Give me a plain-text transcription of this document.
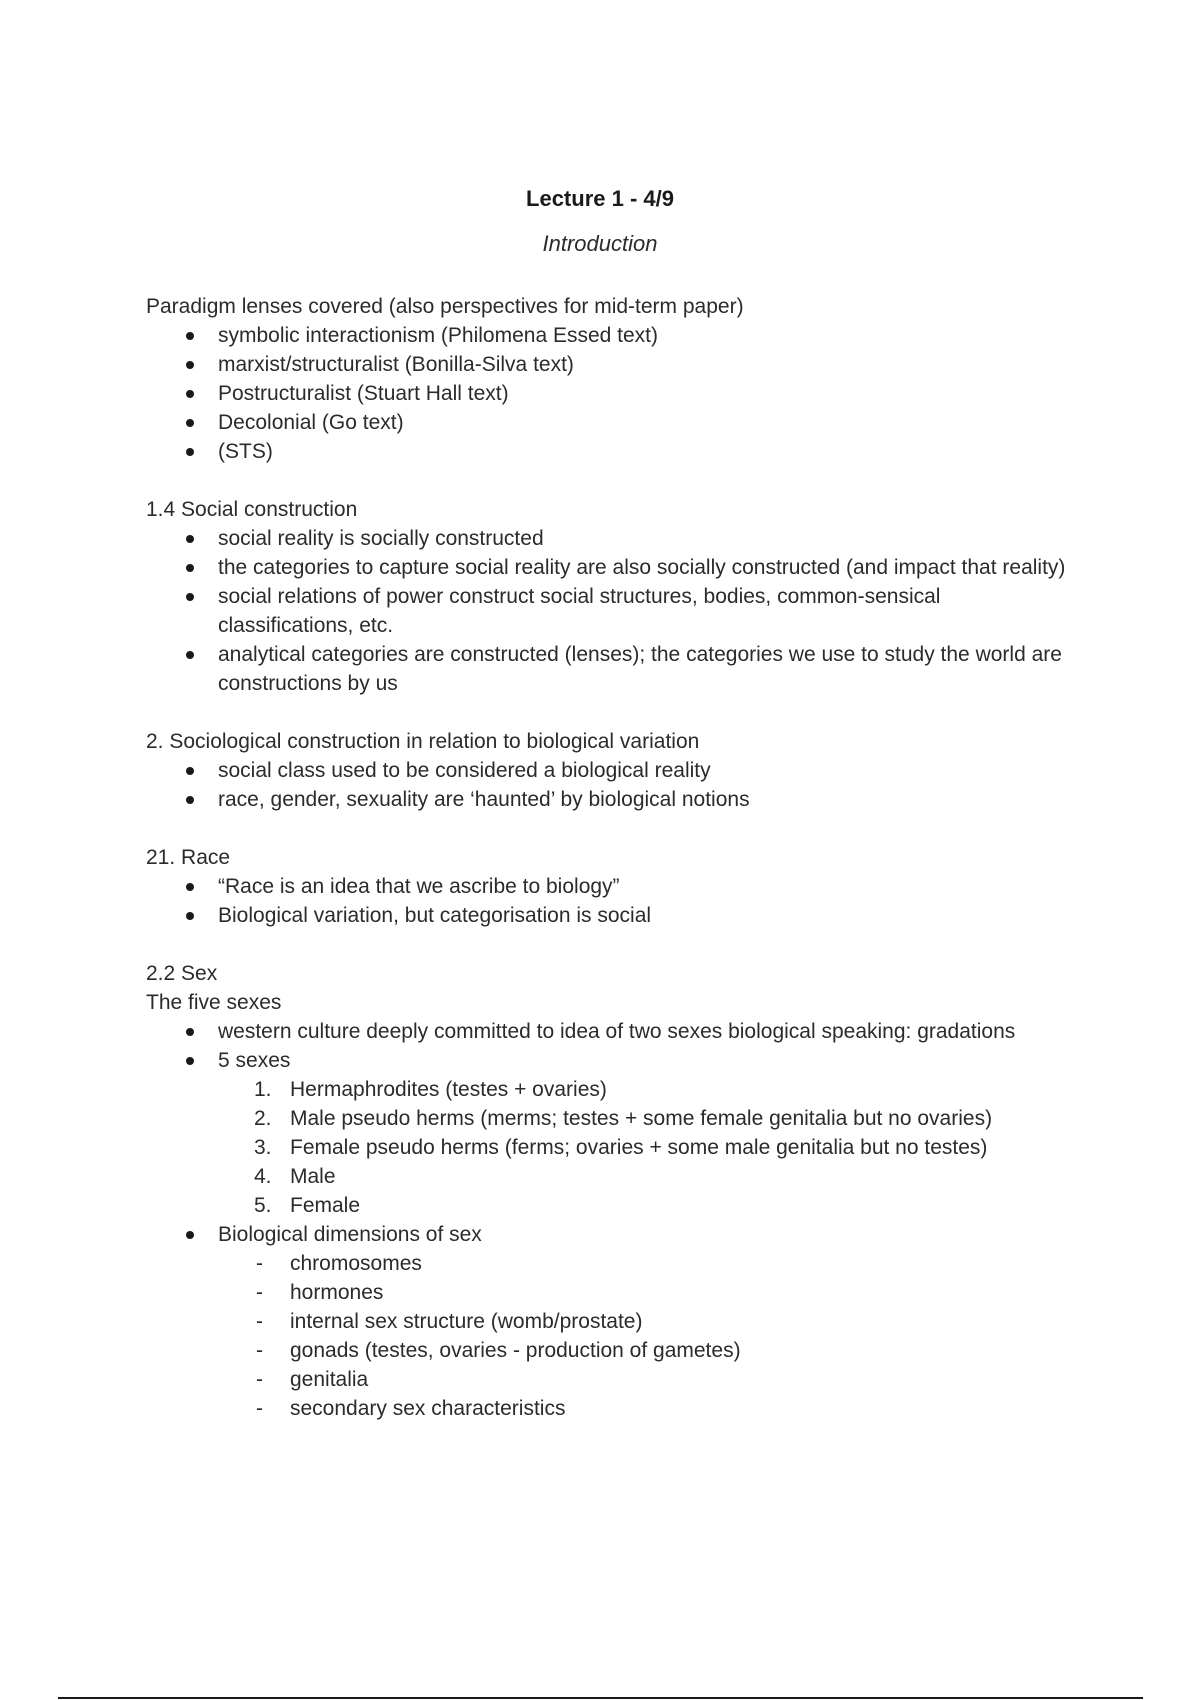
Lecture 1 - 4/9
Introduction

Paradigm lenses covered (also perspectives for mid-term paper)

symbolic interactionism (Philomena Essed text)
marxist/structuralist (Bonilla-Silva text)
Postructuralist (Stuart Hall text)
Decolonial (Go text)
(STS)

1.4 Social construction

social reality is socially constructed
the categories to capture social reality are also socially constructed (and impact that reality)
social relations of power construct social structures, bodies, common-sensical classifications, etc.
analytical categories are constructed (lenses); the categories we use to study the world are constructions by us

2. Sociological construction in relation to biological variation

social class used to be considered a biological reality
race, gender, sexuality are ‘haunted’ by biological notions

21. Race

“Race is an idea that we ascribe to biology”
Biological variation, but categorisation is social

2.2 Sex

The five sexes

western culture deeply committed to idea of two sexes biological speaking: gradations
5 sexes
1. Hermaphrodites (testes + ovaries)
2. Male pseudo herms (merms; testes + some female genitalia but no ovaries)
3. Female pseudo herms (ferms; ovaries + some male genitalia but no testes)
4. Male
5. Female
Biological dimensions of sex
- chromosomes
- hormones
- internal sex structure (womb/prostate)
- gonads (testes, ovaries - production of gametes)
- genitalia
- secondary sex characteristics
